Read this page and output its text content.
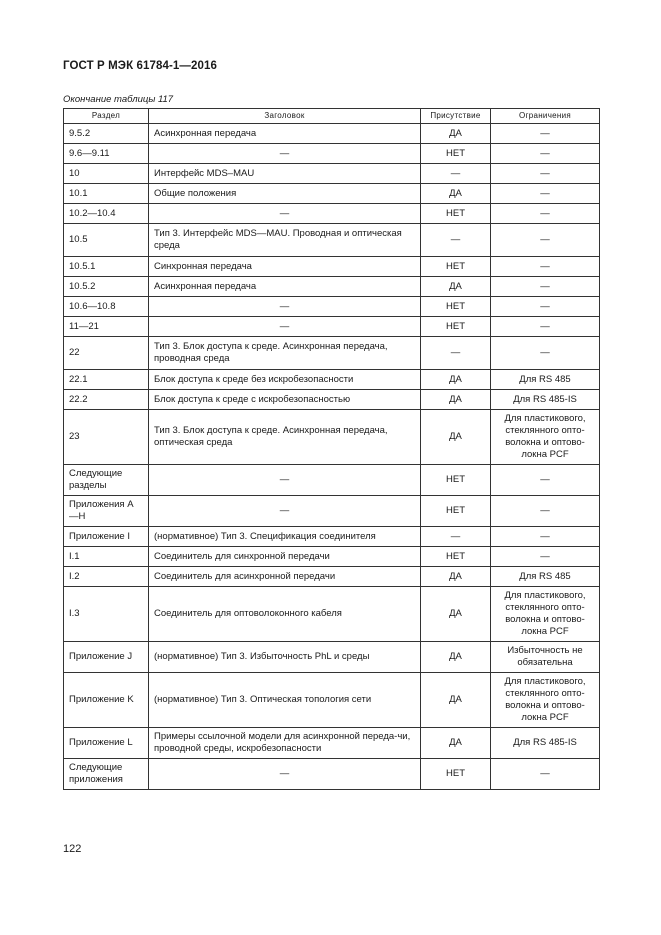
ГОСТ Р МЭК 61784-1—2016
Окончание таблицы 117
Раздел	Заголовок	Присутствие	Ограничения
9.5.2	Асинхронная передача	ДА	—
9.6—9.11	—	НЕТ	—
10	Интерфейс MDS–MAU	—	—
10.1	Общие положения	ДА	—
10.2—10.4	—	НЕТ	—
10.5	Тип 3. Интерфейс MDS—MAU. Проводная и оптическая среда	—	—
10.5.1	Синхронная передача	НЕТ	—
10.5.2	Асинхронная передача	ДА	—
10.6—10.8	—	НЕТ	—
11—21	—	НЕТ	—
22	Тип 3. Блок доступа к среде. Асинхронная передача, проводная среда	—	—
22.1	Блок доступа к среде без искробезопасности	ДА	Для RS 485
22.2	Блок доступа к среде с искробезопасностью	ДА	Для RS 485-IS
23	Тип 3. Блок доступа к среде. Асинхронная передача, оптическая среда	ДА	Для пластикового, стеклянного опто-волокна и оптово-локна PCF
Следующие разделы	—	НЕТ	—
Приложения А—Н	—	НЕТ	—
Приложение I	(нормативное) Тип 3. Спецификация соединителя	—	—
I.1	Соединитель для синхронной передачи	НЕТ	—
I.2	Соединитель для асинхронной передачи	ДА	Для RS 485
I.3	Соединитель для оптоволоконного кабеля	ДА	Для пластикового, стеклянного опто-волокна и оптово-локна PCF
Приложение J	(нормативное) Тип 3. Избыточность PhL и среды	ДА	Избыточность не обязательна
Приложение K	(нормативное) Тип 3. Оптическая топология сети	ДА	Для пластикового, стеклянного опто-волокна и оптово-локна PCF
Приложение L	Примеры ссылочной модели для асинхронной переда-чи, проводной среды, искробезопасности	ДА	Для RS 485-IS
Следующие приложения	—	НЕТ	—
122
